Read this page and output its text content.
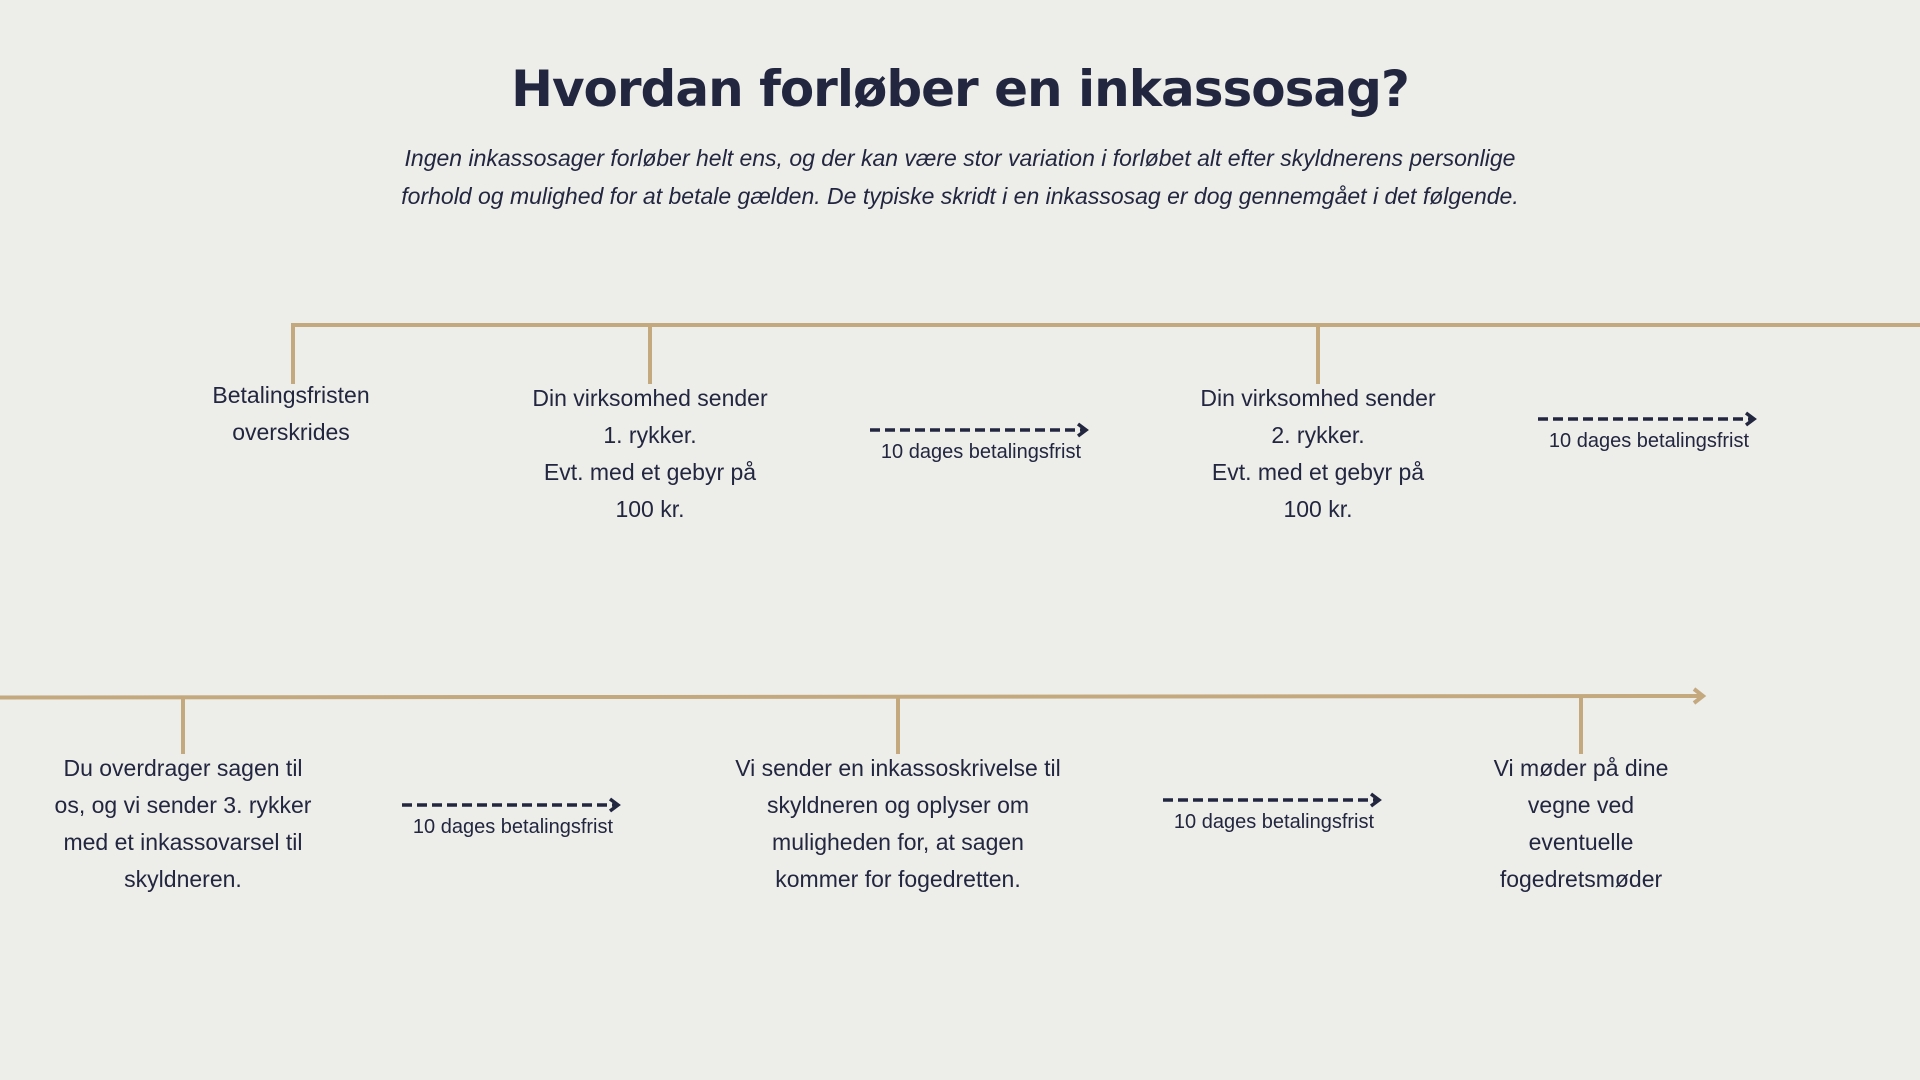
Hvordan forløber en inkassosag?
Ingen inkassosager forløber helt ens, og der kan være stor variation i forløbet alt efter skyldnerens personlige
forhold og mulighed for at betale gælden. De typiske skridt i en inkassosag er dog gennemgået i det følgende.
Betalingsfristen
overskrides
Din virksomhed sender
1. rykker.
Evt. med et gebyr på
100 kr.
Din virksomhed sender
2. rykker.
Evt. med et gebyr på
100 kr.
10 dages betalingsfrist	10 dages betalingsfrist
Du overdrager sagen til
os, og vi sender 3. rykker
med et inkassovarsel til
skyldneren.
Vi sender en inkassoskrivelse til
skyldneren og oplyser om
muligheden for, at sagen
kommer for fogedretten.
Vi møder på dine
vegne ved
eventuelle
fogedretsmøder
10 dages betalingsfrist	10 dages betalingsfrist
